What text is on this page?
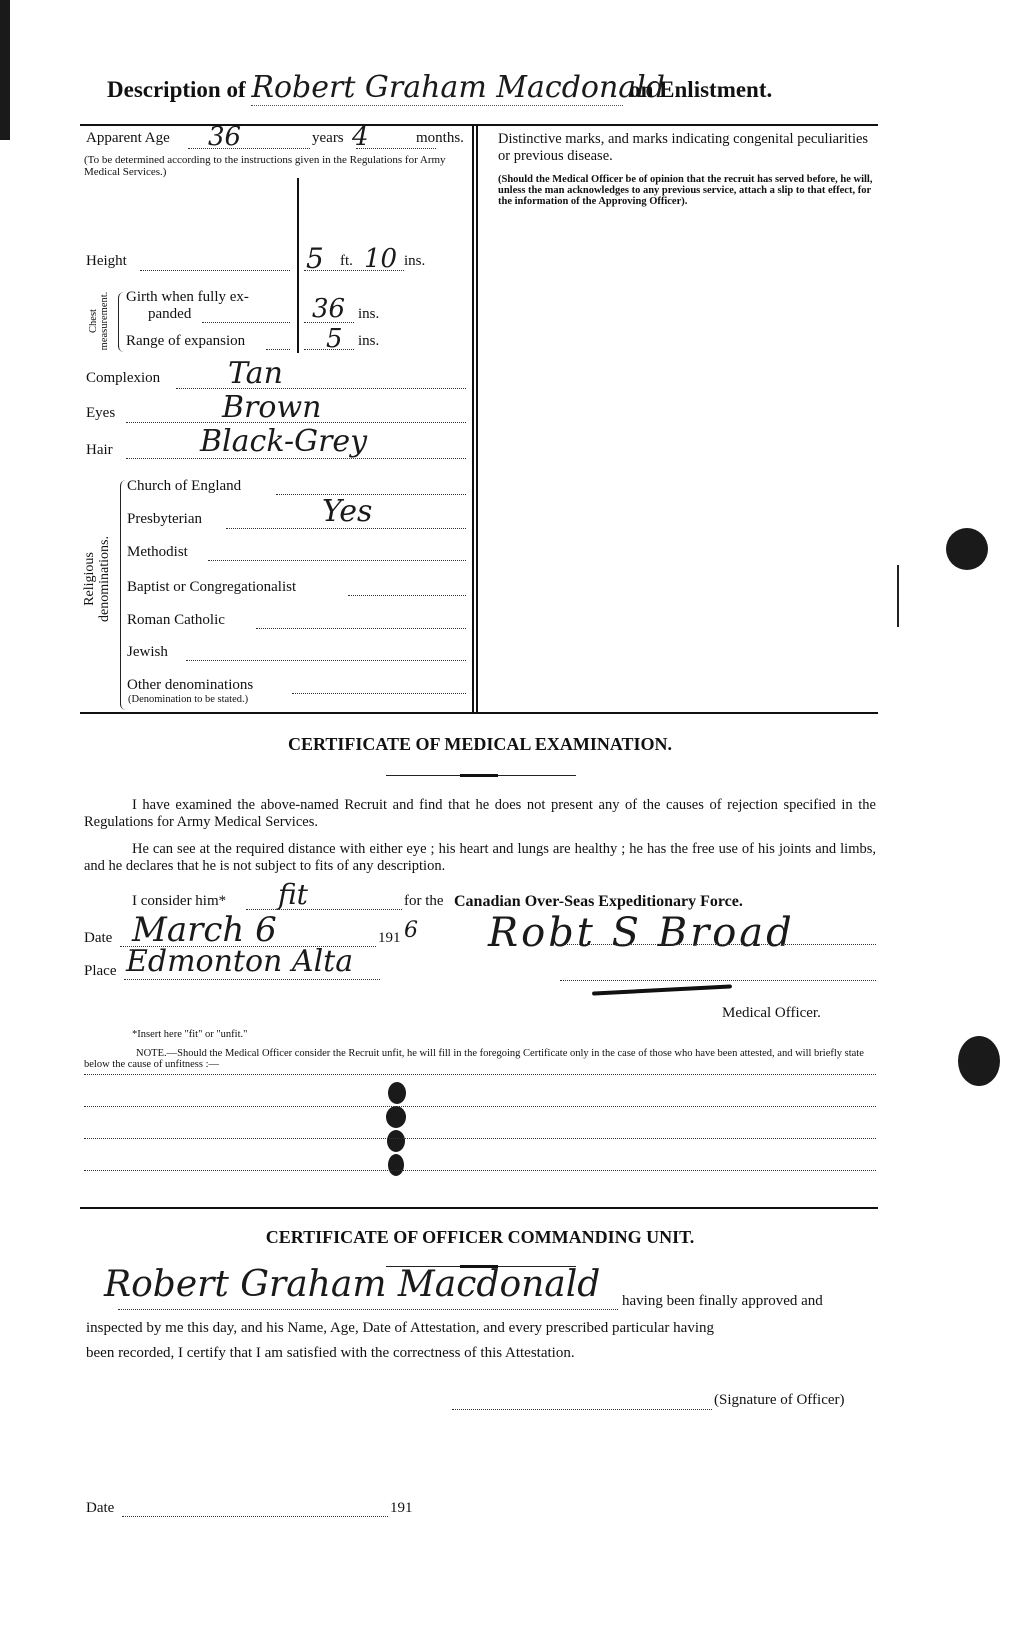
Description of Robert Graham Macdonald on Enlistment.
Apparent Age 36	years 4	months.
(To be determined according to the instructions given in the Regulations for Army Medical Services.)
Height	5 ft. 10 ins.
Chest measurement. Girth when fully ex-
panded	36 ins.
Range of expansion	5 ins.
Complexion Tan
Eyes	Brown
Hair	Black-Grey
Religious denominations.
Church of England
Presbyterian	Yes
Methodist
Baptist or Congregationalist
Roman Catholic
Jewish
Other denominations
(Denomination to be stated.)
Distinctive marks, and marks indicating congenital peculiarities or previous disease.
(Should the Medical Officer be of opinion that the recruit has served before, he will, unless the man acknowledges to any previous service, attach a slip to that effect, for the information of the Approving Officer).
CERTIFICATE OF MEDICAL EXAMINATION.
I have examined the above-named Recruit and find that he does not present any of the causes of rejection specified in the Regulations for Army Medical Services.
He can see at the required distance with either eye ; his heart and lungs are healthy ; he has the free use of his joints and limbs, and he declares that he is not subject to fits of any description.
I consider him* fit	for the Canadian Over-Seas Expeditionary Force.
Date March 6	191 6
Place Edmonton Alta
Robt S Broad
Medical Officer.
*Insert here "fit" or "unfit."
NOTE.—Should the Medical Officer consider the Recruit unfit, he will fill in the foregoing Certificate only in the case of those who have been attested, and will briefly state below the cause of unfitness :—
CERTIFICATE OF OFFICER COMMANDING UNIT.
Robert Graham Macdonald having been finally approved and
inspected by me this day, and his Name, Age, Date of Attestation, and every prescribed particular having
been recorded, I certify that I am satisfied with the correctness of this Attestation.
(Signature of Officer)
Date	191
